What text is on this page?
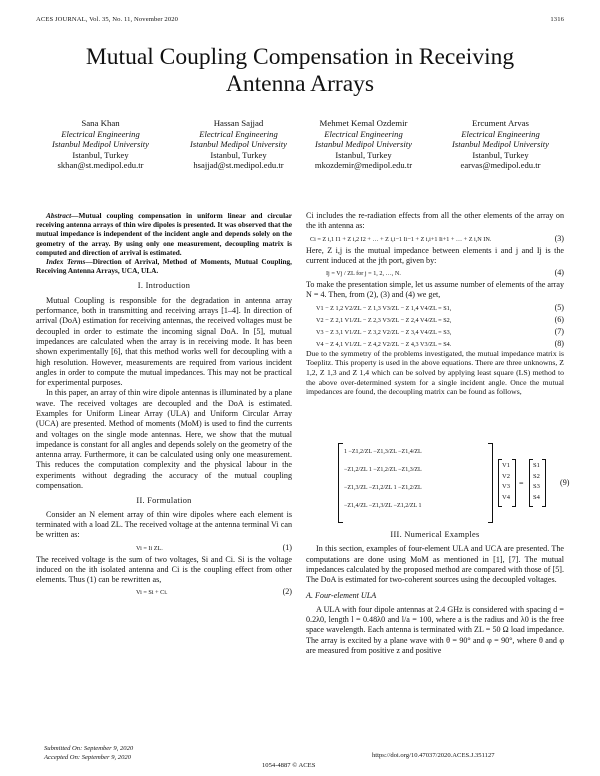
ACES JOURNAL, Vol. 35, No. 11, November 2020	1316
Mutual Coupling Compensation in Receiving Antenna Arrays
Sana Khan
Electrical Engineering
Istanbul Medipol University
Istanbul, Turkey
skhan@st.medipol.edu.tr
Hassan Sajjad
Electrical Engineering
Istanbul Medipol University
Istanbul, Turkey
hsajjad@st.medipol.edu.tr
Mehmet Kemal Ozdemir
Electrical Engineering
Istanbul Medipol University
Istanbul, Turkey
mkozdemir@medipol.edu.tr
Ercument Arvas
Electrical Engineering
Istanbul Medipol University
Istanbul, Turkey
earvas@medipol.edu.tr

Abstract—Mutual coupling compensation in uniform linear and circular receiving antenna arrays of thin wire dipoles is presented. It was observed that the mutual impedance is independent of the incident angle and depends solely on the geometry of the array. By using only one measurement, decoupling matrix is computed and direction of arrival is estimated.

Index Terms—Direction of Arrival, Method of Moments, Mutual Coupling, Receiving Antenna Arrays, UCA, ULA.

I. Introduction

Mutual Coupling is responsible for the degradation in antenna array performance, both in transmitting and receiving arrays [1–4]. In direction of arrival (DoA) estimation for receiving antennas, the received voltages must be decoupled in order to estimate the incoming signal DoA. In [5], mutual impedances are calculated when the array is in receiving mode. It has been shown experimentally [6], that this method works well for decoupling with a high resolution. However, measurements are required from various incident angles in order to compute the mutual impedances. This may not be practical for experimental purposes.

In this paper, an array of thin wire dipole antennas is illuminated by a plane wave. The received voltages are decoupled and the DoA is estimated. Examples for Uniform Linear Array (ULA) and Uniform Circular Array (UCA) are presented. Method of moments (MoM) is used to find the currents and voltages on the single mode antennas. Here, we show that the mutual impedance is constant for all angles and depends solely on the geometry of the antenna array. Furthermore, it can be calculated using only one measurement. This reduces the computation complexity and the physical labour in the experiments without degrading the accuracy of the mutual coupling compensation.

II. Formulation

Consider an N element array of thin wire dipoles where each element is terminated with a load ZL. The received voltage at the antenna terminal Vi can be written as:

Vi = Ii ZL.	(1)

The received voltage is the sum of two voltages, Si and Ci. Si is the voltage induced on the ith isolated antenna and Ci is the coupling effect from other elements. Thus (1) can be rewritten as,

Vi = Si + Ci.	(2)

Ci includes the re-radiation effects from all the other elements of the array on the ith antenna as:

Ci = Z i,1 I1 + Z i,2 I2 + … + Z i,i−1 Ii−1 + Z i,i+1 Ii+1 + … + Z i,N IN.	(3)

Here, Z i,j is the mutual impedance between elements i and j and Ij is the current induced at the jth port, given by:

Ij = Vj / ZL for j = 1, 2, …, N.	(4)

To make the presentation simple, let us assume number of elements of the array N = 4. Then, from (2), (3) and (4) we get,

V1 − Z 1,2 V2/ZL − Z 1,3 V3/ZL − Z 1,4 V4/ZL = S1,	(5)
V2 − Z 2,1 V1/ZL − Z 2,3 V3/ZL − Z 2,4 V4/ZL = S2,	(6)
V3 − Z 3,1 V1/ZL − Z 3,2 V2/ZL − Z 3,4 V4/ZL = S3,	(7)
V4 − Z 4,1 V1/ZL − Z 4,2 V2/ZL − Z 4,3 V3/ZL = S4.	(8)

Due to the symmetry of the problems investigated, the mutual impedance matrix is Toeplitz. This property is used in the above equations. There are three unknowns, Z 1,2, Z 1,3 and Z 1,4 which can be solved by applying least square (LS) method to the above over-determined system for a single incident angle. Once the mutual impedances are found, the decoupling matrix can be found as follows,

1 −Z1,2/ZL −Z1,3/ZL −Z1,4/ZL
−Z1,2/ZL 1 −Z1,2/ZL −Z1,3/ZL
−Z1,3/ZL −Z1,2/ZL 1 −Z1,2/ZL
−Z1,4/ZL −Z1,3/ZL −Z1,2/ZL 1
V1
V2
V3
V4
=
S1
S2
S3
S4
(9)
III. Numerical Examples

In this section, examples of four-element ULA and UCA are presented. The computations are done using MoM as mentioned in [1], [7]. The mutual impedances calculated by the proposed method are compared with those of [5]. The DoA is estimated for two-coherent sources using the decoupled voltages.

A. Four-element ULA

A ULA with four dipole antennas at 2.4 GHz is considered with spacing d = 0.2λ0, length l = 0.48λ0 and l/a = 100, where a is the radius and λ0 is the free space wavelength. Each antenna is terminated with ZL = 50 Ω load impedance. The array is excited by a plane wave with θ = 90° and φ = 90°, where θ and φ are measured from positive z and positive

Submitted On: September 9, 2020
Accepted On: September 9, 2020	https://doi.org/10.47037/2020.ACES.J.351127
1054-4887 © ACES
